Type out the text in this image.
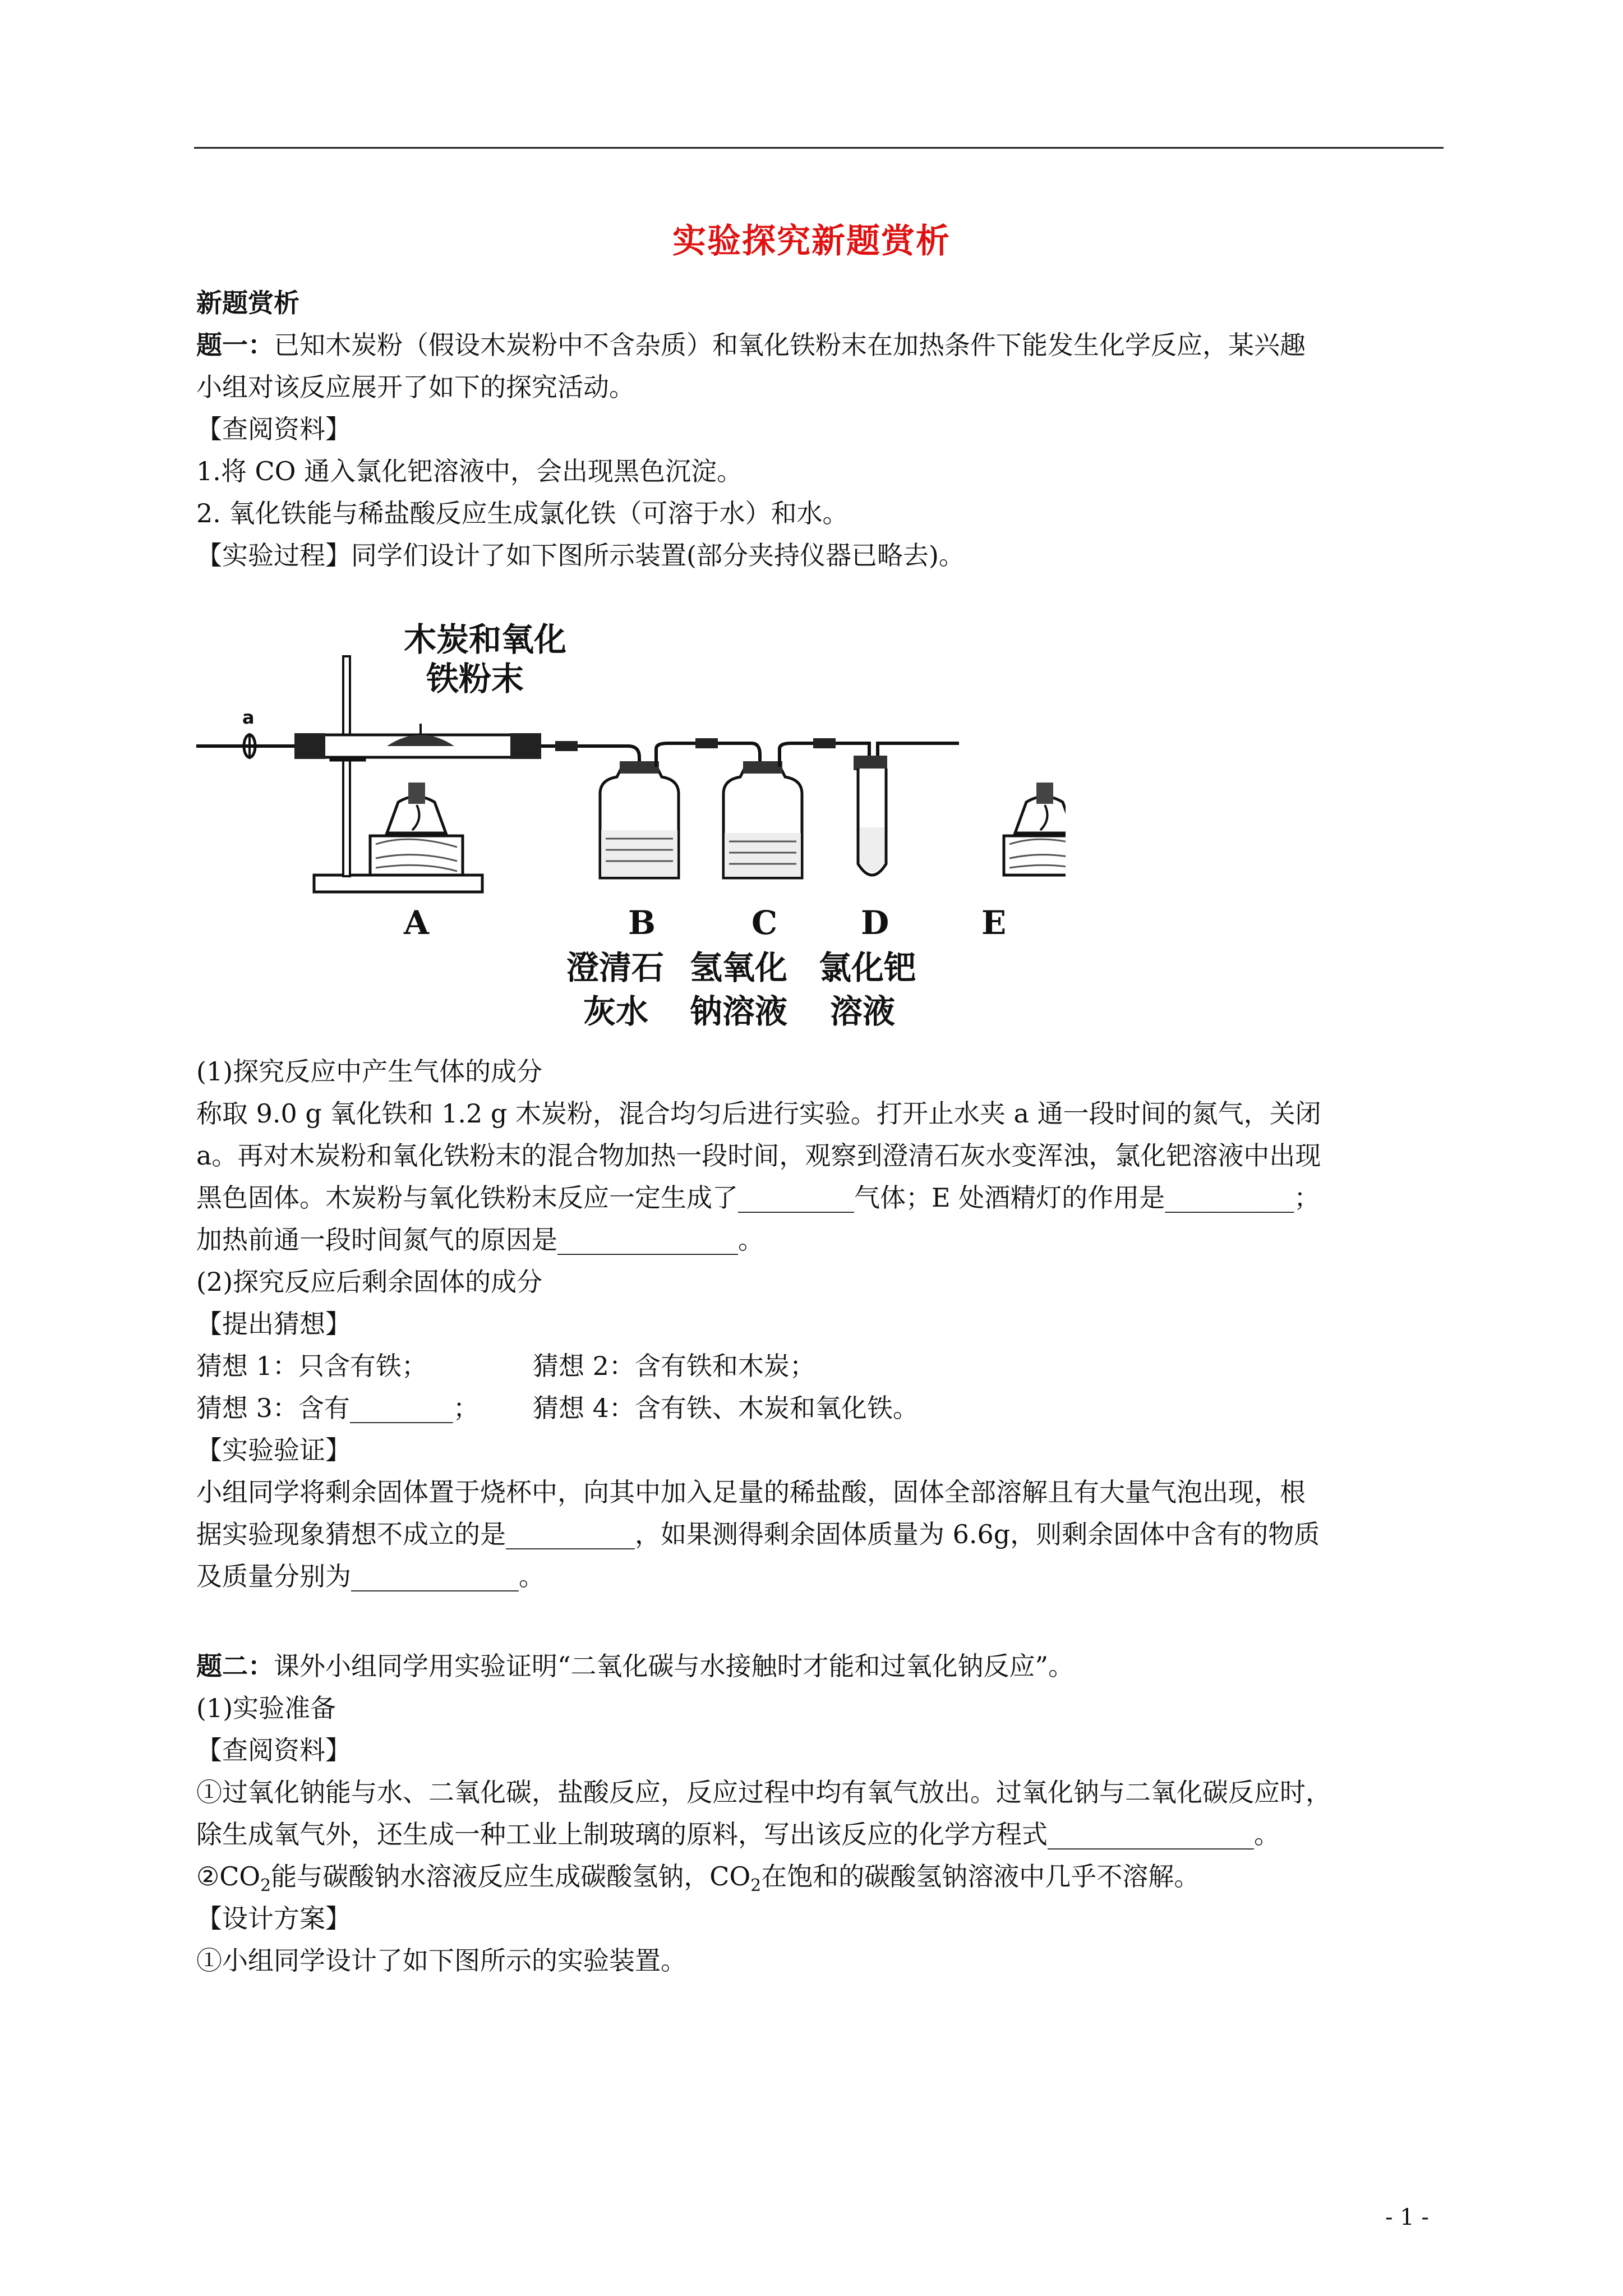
实验探究新题赏析
新题赏析
题一：已知木炭粉（假设木炭粉中不含杂质）和氧化铁粉末在加热条件下能发生化学反应，某兴趣
小组对该反应展开了如下的探究活动。
【查阅资料】
1.将 CO 通入氯化钯溶液中，会出现黑色沉淀。
2. 氧化铁能与稀盐酸反应生成氯化铁（可溶于水）和水。
【实验过程】同学们设计了如下图所示装置(部分夹持仪器已略去)。
木炭和氧化
铁粉末
a
A	B	C	D	E
澄清石
灰水
氢氧化
钠溶液
氯化钯
溶液
(1)探究反应中产生气体的成分
称取 9.0 g 氧化铁和 1.2 g 木炭粉，混合均匀后进行实验。打开止水夹 a 通一段时间的氮气，关闭
a。再对木炭粉和氧化铁粉末的混合物加热一段时间，观察到澄清石灰水变浑浊，氯化钯溶液中出现
黑色固体。木炭粉与氧化铁粉末反应一定生成了_________气体；E 处酒精灯的作用是__________；
加热前通一段时间氮气的原因是______________。
(2)探究反应后剩余固体的成分
【提出猜想】
猜想 1：只含有铁；	猜想 2：含有铁和木炭；
猜想 3：含有________； 猜想 4：含有铁、木炭和氧化铁。
【实验验证】
小组同学将剩余固体置于烧杯中，向其中加入足量的稀盐酸，固体全部溶解且有大量气泡出现，根
据实验现象猜想不成立的是__________，如果测得剩余固体质量为 6.6g，则剩余固体中含有的物质
及质量分别为_____________。
题二：课外小组同学用实验证明“二氧化碳与水接触时才能和过氧化钠反应”。
(1)实验准备
【查阅资料】
①过氧化钠能与水、二氧化碳，盐酸反应，反应过程中均有氧气放出。过氧化钠与二氧化碳反应时，
除生成氧气外，还生成一种工业上制玻璃的原料，写出该反应的化学方程式________________。
$②CO_2$能与碳酸钠水溶液反应生成碳酸氢钠，$CO_2$在饱和的碳酸氢钠溶液中几乎不溶解。
【设计方案】
①小组同学设计了如下图所示的实验装置。
- 1 -
